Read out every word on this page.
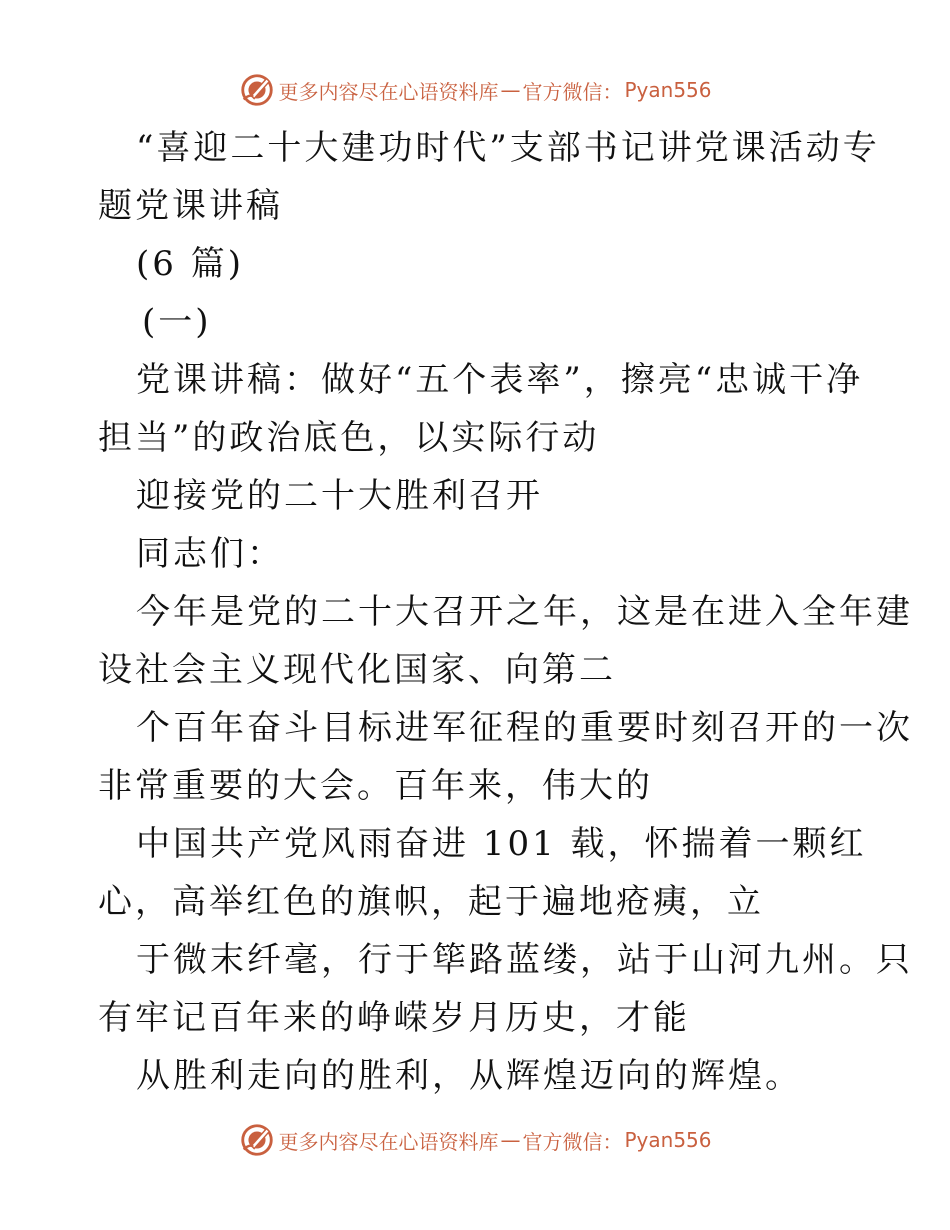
更多内容尽在心语资料库 — 官方微信： Pyan556
“喜迎二十大建功时代”支部书记讲党课活动专
题党课讲稿
(6 篇)
(一)
党课讲稿：做好“五个表率”，擦亮“忠诚干净
担当”的政治底色，以实际行动
迎接党的二十大胜利召开
同志们：
今年是党的二十大召开之年，这是在进入全年建
设社会主义现代化国家、向第二
个百年奋斗目标进军征程的重要时刻召开的一次
非常重要的大会。百年来，伟大的
中国共产党风雨奋进 101 载，怀揣着一颗红
心，高举红色的旗帜，起于遍地疮痍，立
于微末纤毫，行于筚路蓝缕，站于山河九州。只
有牢记百年来的峥嵘岁月历史，才能
从胜利走向的胜利，从辉煌迈向的辉煌。
更多内容尽在心语资料库 — 官方微信： Pyan556
